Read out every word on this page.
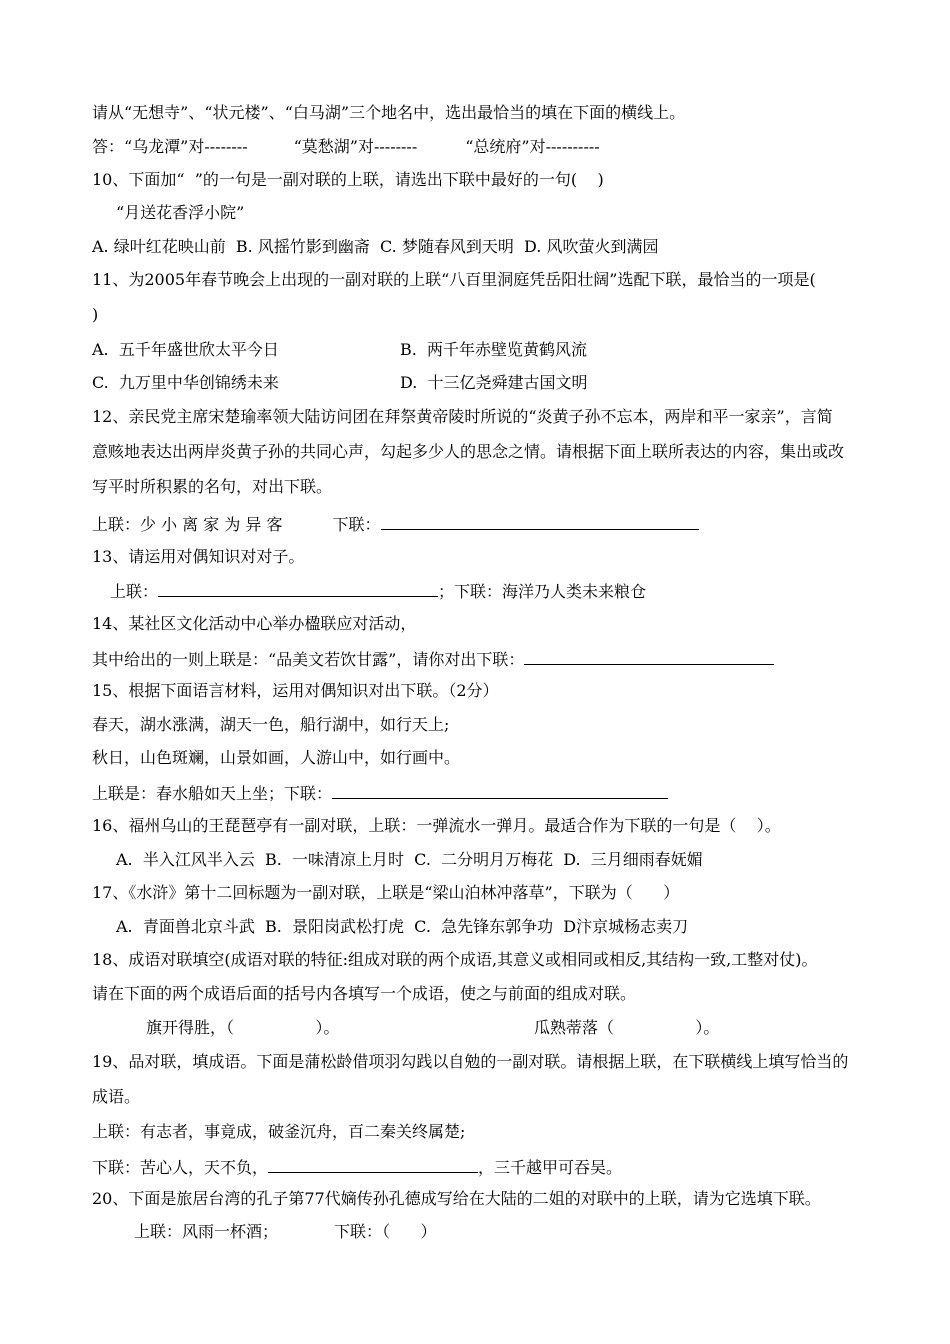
请从“无想寺”、“状元楼”、“白马湖”三个地名中，选出最恰当的填在下面的横线上。
答：“乌龙潭”对--------	“莫愁湖”对--------	“总统府”对----------
10、下面加“  ”的一句是一副对联的上联，请选出下联中最好的一句(    )
“月送花香浮小院”
A. 绿叶红花映山前  B. 风摇竹影到幽斋  C. 梦随春风到天明  D. 风吹萤火到满园
11、为2005年春节晚会上出现的一副对联的上联“八百里洞庭凭岳阳壮阔”选配下联，最恰当的一项是(
)
A.  五千年盛世欣太平今日	B.  两千年赤壁览黄鹤风流
C.  九万里中华创锦绣未来	D.  十三亿尧舜建古国文明
12、亲民党主席宋楚瑜率领大陆访问团在拜祭黄帝陵时所说的“炎黄子孙不忘本，两岸和平一家亲”，言简
意赅地表达出两岸炎黄子孙的共同心声，勾起多少人的思念之情。请根据下面上联所表达的内容，集出或改
写平时所积累的名句，对出下联。
上联：少 小 离 家 为 异 客	下联：
13、请运用对偶知识对对子。
上联：	；下联：海洋乃人类未来粮仓
14、某社区文化活动中心举办楹联应对活动，
其中给出的一则上联是：“品美文若饮甘露”，请你对出下联：
15、根据下面语言材料，运用对偶知识对出下联。（2分）
春天，湖水涨满，湖天一色，船行湖中，如行天上;
秋日，山色斑斓，山景如画，人游山中，如行画中。
上联是：春水船如天上坐；下联：
16、福州乌山的王琵琶亭有一副对联，上联：一弹流水一弹月。最适合作为下联的一句是（    ）。
A.  半入江风半入云  B.  一味清凉上月时  C.  二分明月万梅花  D.  三月细雨春妩媚
17、《水浒》第十二回标题为一副对联，上联是“梁山泊林冲落草”，下联为（      ）
A.  青面兽北京斗武  B.  景阳岗武松打虎  C.  急先锋东郭争功  D汴京城杨志卖刀
18、成语对联填空(成语对联的特征:组成对联的两个成语,其意义或相同或相反,其结构一致,工整对仗)。
请在下面的两个成语后面的括号内各填写一个成语，使之与前面的组成对联。
旗开得胜，（                ）。	瓜熟蒂落（                ）。
19、品对联，填成语。下面是蒲松龄借项羽勾践以自勉的一副对联。请根据上联，在下联横线上填写恰当的
成语。
上联：有志者，事竟成，破釜沉舟，百二秦关终属楚;
下联：苦心人，天不负，	，三千越甲可吞吴。
20、下面是旅居台湾的孔子第77代嫡传孙孔德成写给在大陆的二姐的对联中的上联，请为它选填下联。
上联：风雨一杯酒；	下联：（      ）
